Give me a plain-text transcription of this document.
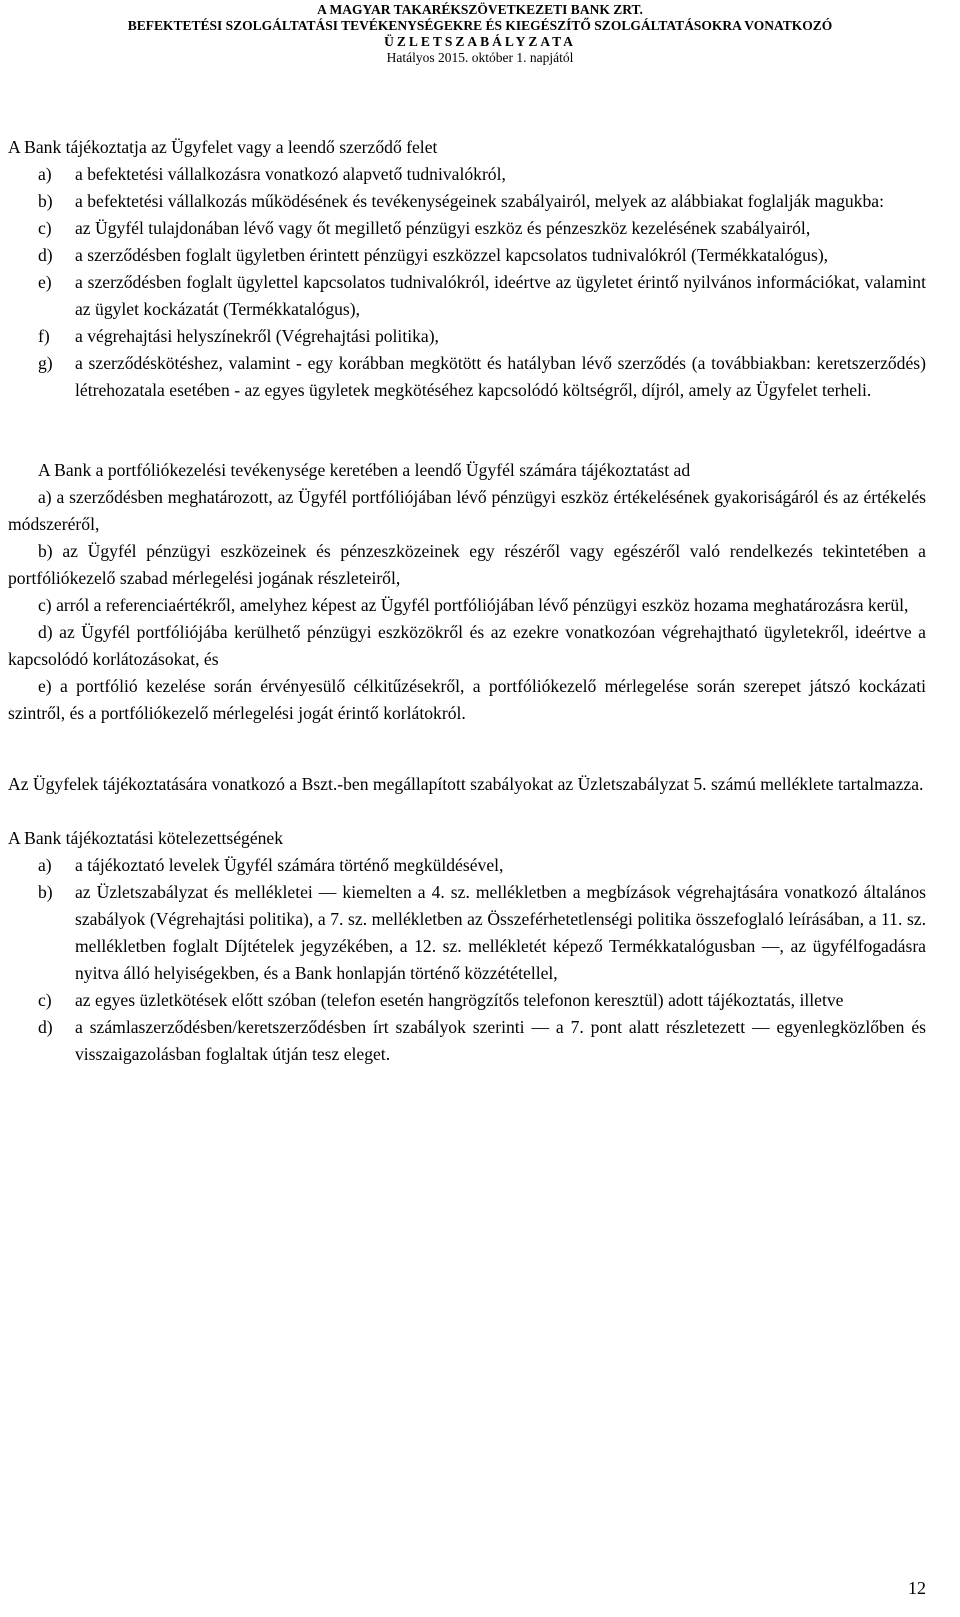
A MAGYAR TAKARÉKSZÖVETKEZETI BANK ZRT.
BEFEKTETÉSI SZOLGÁLTATÁSI TEVÉKENYSÉGEKRE ÉS KIEGÉSZÍTŐ SZOLGÁLTATÁSOKRA VONATKOZÓ
ÜZLETSZABÁLYZATA
Hatályos 2015. október 1. napjától

A Bank tájékoztatja az Ügyfelet vagy a leendő szerződő felet

a) a befektetési vállalkozásra vonatkozó alapvető tudnivalókról,
b) a befektetési vállalkozás működésének és tevékenységeinek szabályairól, melyek az alábbiakat foglalják magukba:
c) az Ügyfél tulajdonában lévő vagy őt megillető pénzügyi eszköz és pénzeszköz kezelésének szabályairól,
d) a szerződésben foglalt ügyletben érintett pénzügyi eszközzel kapcsolatos tudnivalókról (Termékkatalógus),
e) a szerződésben foglalt ügylettel kapcsolatos tudnivalókról, ideértve az ügyletet érintő nyilvános információkat, valamint az ügylet kockázatát (Termékkatalógus),
f) a végrehajtási helyszínekről (Végrehajtási politika),
g) a szerződéskötéshez, valamint - egy korábban megkötött és hatályban lévő szerződés (a továbbiakban: keretszerződés) létrehozatala esetében - az egyes ügyletek megkötéséhez kapcsolódó költségről, díjról, amely az Ügyfelet terheli.

A Bank a portfóliókezelési tevékenysége keretében a leendő Ügyfél számára tájékoztatást ad

a) a szerződésben meghatározott, az Ügyfél portfóliójában lévő pénzügyi eszköz értékelésének gyakoriságáról és az értékelés módszeréről,

b) az Ügyfél pénzügyi eszközeinek és pénzeszközeinek egy részéről vagy egészéről való rendelkezés tekintetében a portfóliókezelő szabad mérlegelési jogának részleteiről,

c) arról a referenciaértékről, amelyhez képest az Ügyfél portfóliójában lévő pénzügyi eszköz hozama meghatározásra kerül,

d) az Ügyfél portfóliójába kerülhető pénzügyi eszközökről és az ezekre vonatkozóan végrehajtható ügyletekről, ideértve a kapcsolódó korlátozásokat, és

e) a portfólió kezelése során érvényesülő célkitűzésekről, a portfóliókezelő mérlegelése során szerepet játszó kockázati szintről, és a portfóliókezelő mérlegelési jogát érintő korlátokról.

Az Ügyfelek tájékoztatására vonatkozó a Bszt.-ben megállapított szabályokat az Üzletszabályzat 5. számú melléklete tartalmazza.

A Bank tájékoztatási kötelezettségének

a) a tájékoztató levelek Ügyfél számára történő megküldésével,
b) az Üzletszabályzat és mellékletei — kiemelten a 4. sz. mellékletben a megbízások végrehajtására vonatkozó általános szabályok (Végrehajtási politika), a 7. sz. mellékletben az Összeférhetetlenségi politika összefoglaló leírásában, a 11. sz. mellékletben foglalt Díjtételek jegyzékében, a 12. sz. mellékletét képező Termékkatalógusban —, az ügyfélfogadásra nyitva álló helyiségekben, és a Bank honlapján történő közzététellel,
c) az egyes üzletkötések előtt szóban (telefon esetén hangrögzítős telefonon keresztül) adott tájékoztatás, illetve
d) a számlaszerződésben/keretszerződésben írt szabályok szerinti — a 7. pont alatt részletezett — egyenlegközlőben és visszaigazolásban foglaltak útján tesz eleget.
12
